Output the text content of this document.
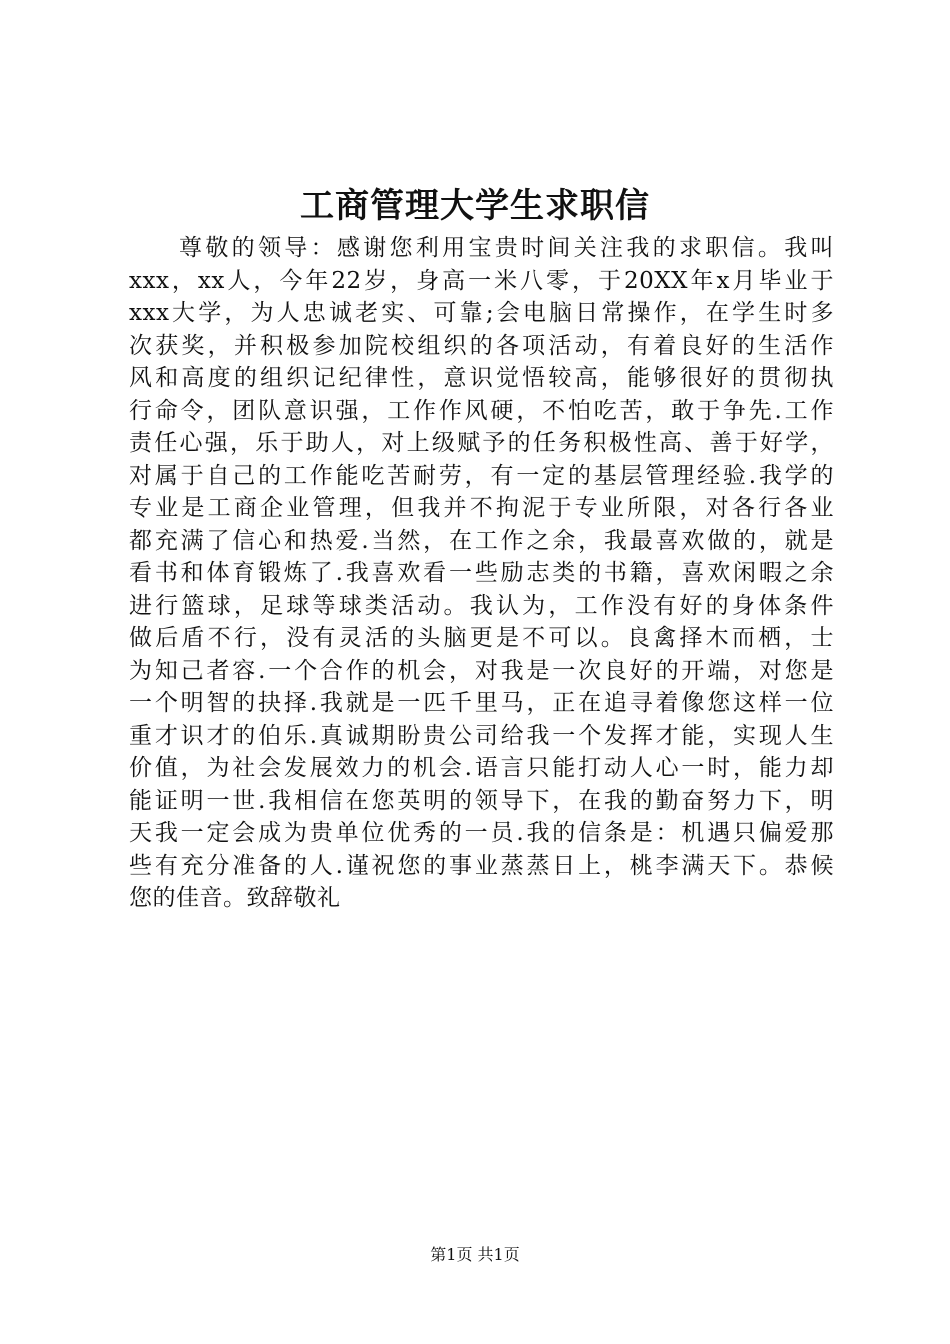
工商管理大学生求职信
尊敬的领导：感谢您利用宝贵时间关注我的求职信。我叫
xxx，xx人，今年22岁，身高一米八零，于20XX年x月毕业于
xxx大学，为人忠诚老实、可靠;会电脑日常操作，在学生时多
次获奖，并积极参加院校组织的各项活动，有着良好的生活作
风和高度的组织记纪律性，意识觉悟较高，能够很好的贯彻执
行命令，团队意识强，工作作风硬，不怕吃苦，敢于争先.工作
责任心强，乐于助人，对上级赋予的任务积极性高、善于好学，
对属于自己的工作能吃苦耐劳，有一定的基层管理经验.我学的
专业是工商企业管理，但我并不拘泥于专业所限，对各行各业
都充满了信心和热爱.当然，在工作之余，我最喜欢做的，就是
看书和体育锻炼了.我喜欢看一些励志类的书籍，喜欢闲暇之余
进行篮球，足球等球类活动。我认为，工作没有好的身体条件
做后盾不行，没有灵活的头脑更是不可以。良禽择木而栖，士
为知己者容.一个合作的机会，对我是一次良好的开端，对您是
一个明智的抉择.我就是一匹千里马，正在追寻着像您这样一位
重才识才的伯乐.真诚期盼贵公司给我一个发挥才能，实现人生
价值，为社会发展效力的机会.语言只能打动人心一时，能力却
能证明一世.我相信在您英明的领导下，在我的勤奋努力下，明
天我一定会成为贵单位优秀的一员.我的信条是：机遇只偏爱那
些有充分准备的人.谨祝您的事业蒸蒸日上，桃李满天下。恭候
您的佳音。致辞敬礼
第1页 共1页
